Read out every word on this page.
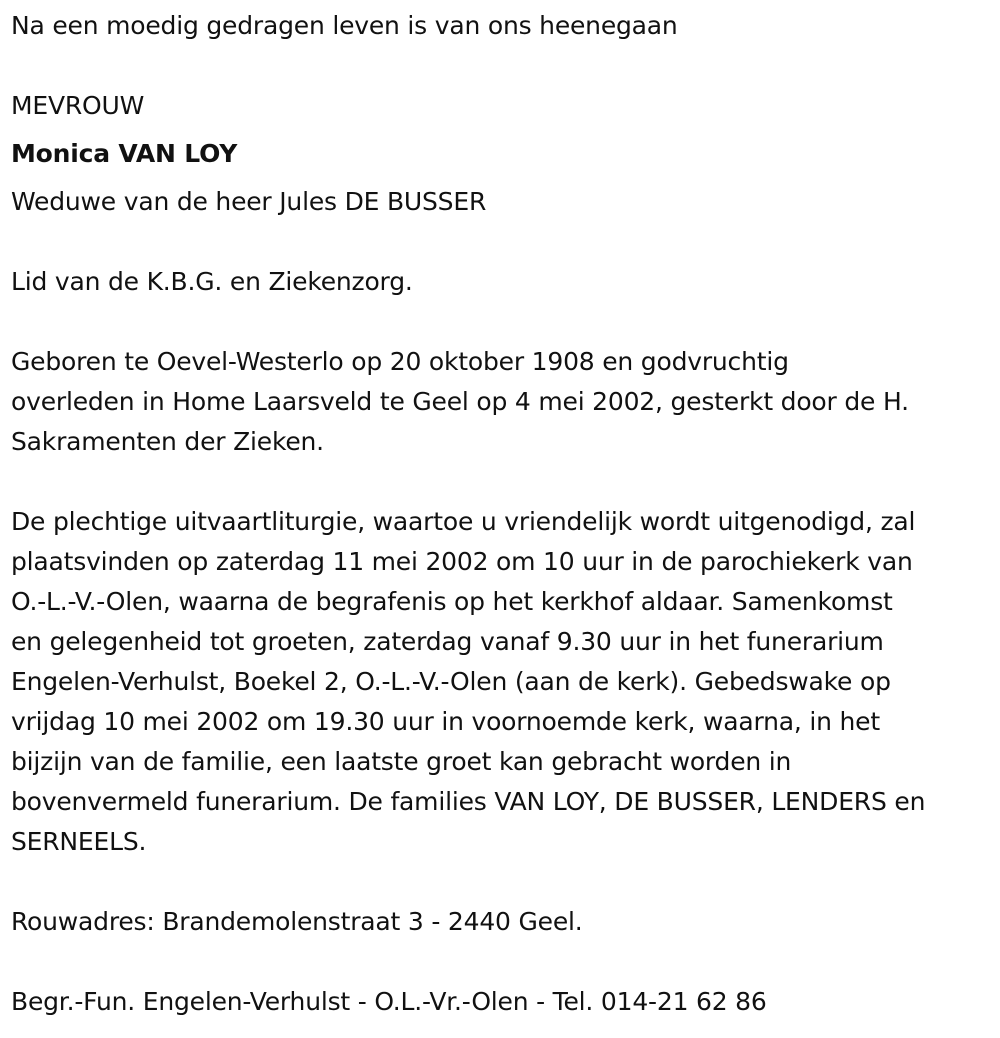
Na een moedig gedragen leven is van ons heenegaan
MEVROUW
Monica VAN LOY
Weduwe van de heer Jules DE BUSSER
Lid van de K.B.G. en Ziekenzorg.
Geboren te Oevel-Westerlo op 20 oktober 1908 en godvruchtig
overleden in Home Laarsveld te Geel op 4 mei 2002, gesterkt door de H.
Sakramenten der Zieken.
De plechtige uitvaartliturgie, waartoe u vriendelijk wordt uitgenodigd, zal
plaatsvinden op zaterdag 11 mei 2002 om 10 uur in de parochiekerk van
O.-L.-V.-Olen, waarna de begrafenis op het kerkhof aldaar. Samenkomst
en gelegenheid tot groeten, zaterdag vanaf 9.30 uur in het funerarium
Engelen-Verhulst, Boekel 2, O.-L.-V.-Olen (aan de kerk). Gebedswake op
vrijdag 10 mei 2002 om 19.30 uur in voornoemde kerk, waarna, in het
bijzijn van de familie, een laatste groet kan gebracht worden in
bovenvermeld funerarium. De families VAN LOY, DE BUSSER, LENDERS en
SERNEELS.
Rouwadres: Brandemolenstraat 3 - 2440 Geel.
Begr.-Fun. Engelen-Verhulst - O.L.-Vr.-Olen - Tel. 014-21 62 86
